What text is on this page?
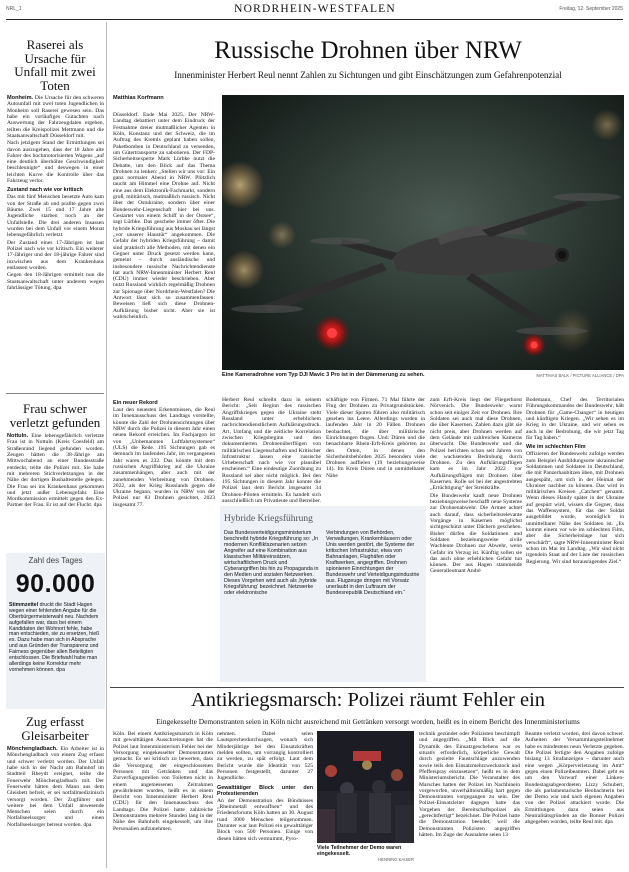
NRL_1	NORDRHEIN-WESTFALEN	Freitag, 12. September 2025
Raserei als Ursache für Unfall mit zwei Toten

Monheim. Die Ursache für den schweren Autounfall mit zwei toten Jugendlichen in Monheim soll Raserei gewesen sein. Das habe ein vorläufiges Gutachten nach Auswertung der Fahrzeugdaten ergeben, teilten die Kreispolizei Mettmann und die Staatsanwaltschaft Düsseldorf mit.

Nach jetzigem Stand der Ermittlungen sei davon auszugehen, dass der 18 Jahre alte Fahrer des hochmotorisierten Wagens „auf eine deutlich überhöhte Geschwindigkeit beschleunigte“ und deswegen in einer leichten Kurve die Kontrolle über das Fahrzeug verlor.

Zustand nach wie vor kritisch

Das mit fünf Menschen besetzte Auto kam von der Straße ab und prallte gegen zwei Bäume. Zwei 15 und 17 Jahre alte Jugendliche starben noch an der Unfallstelle. Die drei anderen Insassen wurden bei dem Unfall vor einem Monat lebensgefährlich verletzt.

Der Zustand eines 17-Jährigen ist laut Polizei nach wie vor kritisch. Ein weiterer 17-Jähriger und der 18-jährige Fahrer sind inzwischen aus dem Krankenhaus entlassen worden.

Gegen den 18-Jährigen ermittelt nun die Staatsanwaltschaft unter anderem wegen fahrlässiger Tötung. dpa

Frau schwer verletzt gefunden

Nottuln. Eine lebensgefährlich verletzte Frau ist in Nottuln (Kreis Coesfeld) am Straßenrand liegend gefunden worden. Zeugen hätten die 38-Jährige am Mittwochabend an einer Bundesstraße entdeckt, teilte die Polizei mit. Sie habe mit mehreren Stichverletzungen in der Nähe der dortigen Bushaltestelle gelegen. Die Frau sei ins Krankenhaus gekommen und jetzt außer Lebensgefahr. Eine Mordkommission ermittelt gegen den Ex-Partner der Frau. Er ist auf der Flucht. dpa

Zahl des Tages
90.000
Stimmzettel druckt die Stadt Hagen wegen einer fehlenden Angabe für die Oberbürgermeisterwahl neu. Nachdem aufgefallen war, dass bei einem Kandidaten der Wohnort fehle, habe man entschieden, sie zu ersetzen, hieß es. Dazu habe man sich in Absprache und aus Gründen der Transparenz und Fairness gegenüber allen Beteiligten entschlossen. Die Briefwahl habe man allerdings keine Korrektur mehr vornehmen können. dpa
Zug erfasst Gleisarbeiter

Mönchengladbach. Ein Arbeiter ist in Mönchengladbach von einem Zug erfasst und schwer verletzt worden. Der Unfall habe sich in der Nacht am Bahnhof im Stadtteil Rheydt ereignet, teilte die Feuerwehr Mönchengladbach mit. Der Feuerwehr hätten dem Mann aus dem Gleisbett befreit, er sei notfallmedizinisch versorgt worden. Der Zugführer und weitere bei dem Unfall anwesende Menschen seien durch ein Notfallseelsorger und einen Notfallseelsorger betreut worden. dpa

Russische Drohnen über NRW
Innenminister Herbert Reul nennt Zahlen zu Sichtungen und gibt Einschätzungen zum Gefahrenpotenzial
Matthias Korfmann

Düsseldorf. Ende Mai 2025. Der NRW-Landtag debattiert unter dem Eindruck der Festnahme dreier mutmaßlicher Agenten in Köln, Konstanz und der Schweiz, die im Auftrag des Kremls geplant haben sollen, Paketbomben in Deutschland zu versenden, um Gütertransporte zu sabotieren. Der FDP-Sicherheitsexperte Mark Lürbke nutzt die Debatte, um den Blick auf das Thema Drohnen zu lenken: „Stellen wir uns vor: Ein ganz normaler Abend in NRW. Plötzlich taucht am Himmel eine Drohne auf. Nicht eine aus dem Elektronik-Fachmarkt, sondern groß, militärisch, mutmaßlich russisch. Nicht über der Ostukraine, sondern über einer Bundeswehr-Liegenschaft hier bei uns. Gestartet von einem Schiff in der Ostsee“, sagt Lürbke. Das geschehe immer öfter. Die hybride Kriegsführung aus Moskau sei längst „vor unserer Haustür“ angekommen. Die Gefahr der hybriden Kriegsführung – damit sind praktisch alle Methoden, mit denen ein Gegner unter Druck gesetzt werden kann, gemeint – durch ausländische und insbesondere russische Nachrichtendienste hat auch NRW-Innenminister Herbert Reul (CDU) immer wieder beschrieben. Aber nutzt Russland wirklich regelmäßig Drohnen zur Spionage über Nordrhein-Westfalen? Die Antwort lässt sich so zusammenfassen: Beweisen ließ sich diese Drohnen-Aufklärung bisher nicht. Aber sie ist wahrscheinlich.

Eine Kameradrohne vom Typ DJI Mavic 3 Pro ist in der Dämmerung zu sehen.	MATTHIAS BALK / PICTURE ALLIANCE / DPA
Ein neuer Rekord

Laut den neuesten Erkenntnissen, die Reul im Innenausschuss des Landtags vorstellte, könnte die Zahl der Drohnensichtungen über NRW durch die Polizei in diesem Jahr einen neuen Rekord erreichen. Im Fachjargon ist von „Unbemannten Luftfahrtsystemen“ (ULS) die Rede. 195 Sichtungen gab es demnach im laufenden Jahr, im vergangenen Jahr waren es 232. Das könnte mit dem russischen Angriffskrieg auf die Ukraine zusammenhängen, aber auch mit der zunehmenden Verbreitung von Drohnen. 2022, als der Krieg Russlands gegen die Ukraine begann, wurden in NRW von der Polizei nur 83 Drohnen gesichtet, 2023 insgesamt 77.

Herbert Reul schreibt dazu in seinem Bericht: „Seit Beginn des russischen Angriffskrieges gegen die Ukraine steht Russland unter erheblichem nachrichtendienstlichem Aufklärungsdruck. Art, Umfang und die zeitliche Korrelation zwischen Kriegsbeginn und den dokumentierten Drohnenüberflügen von militärischen Liegenschaften und Kritischer Infrastruktur lassen eine russische Urheberschaft nach wie vor plausibel erscheinen.“ Eine eindeutige Zuordnung zu Russland sei aber nicht möglich. Bei den 195 Sichtungen in diesem Jahr konnte die Polizei laut dem Bericht insgesamt 34 Drohnen-Piloten ermitteln. Es handelt sich ausschließlich um Privatleute und Betreiber.

schäftigte von Firmen. 71 Mal führte der Flug der Drohnen zu Privatgrundstücken. Viele dieser Spuren führen also militärisch gesehen ins Leere. Allerdings wurden in laufenden Jahr in 20 Fällen Drohnen beobachtet, die über militärische Einrichtungen flogen. Und: Düren und die benachbarte Rhein-Erft-Kreis gehörten zu den Orten, in denen den Sicherheitsbehörden 2025 besonders viele Drohnen auffielen (19 beziehungsweise 14). Im Kreis Düren und in unmittelbarer Nähe

zum Erft-Kreis liegt der Fliegerhorst Nörvenich. Die Bundeswehr warnt schon seit einiger Zeit vor Drohnen. Ihre Soldaten sei auch mal diese Drohnen, die über Kasernen. Zahlen dazu gibt sie nicht preis, aber Drohnen werden auf dem Gelände mit zahlreichen Kameras überwacht. Die Bundeswehr und die Polizei berichten schon seit Jahren von der wachsenden Bedrohung durch Drohnen. Zu den Aufklärungsflügen kam es im Jahr 2022 vor Aufklärungsflügen mit Drohnen über Kasernen. Rolle sei bei der angestrebten „Ertüchtigung“ der Streitkräfte.

Die Bundeswehr kauft neue Drohnen beziehungsweise beschafft neue Systeme zur Drohnenabwehr. Die Armee achtet auch darauf, dass sicherheitsrelevante Vorgänge in Kasernen möglichst sichtgeschützt unter Dächern geschehen. Bisher dürfen die Soldatinnen und Soldaten beziehungsweise zivile Wachleute Drohnen zur Abwehr, wenn Gefahr im Verzug ist. Künftig sollen sie das auch ohne erheblichen Gefahr tun können. Der aus Hagen stammende Generalleutnant André

Bodemann, Chef des Territorialen Führungskommandos der Bundeswehr, hält Drohnen für „Game-Changer“ in heutigen und künftigen Kriegen. „Wir sehen es im Krieg in der Ukraine, und wir sehen es auch in der Bedrohung, die wir jetzt Tag für Tag haben.“

Wie im schlechten Film

Offizieren der Bundeswehr zufolge werden zum Beispiel Ausbildungsorte ukrainischer Soldatinnen und Soldaten in Deutschland, die mit Panzerhaubitzen üben, mit Drohnen ausgespäht, um sich in der Heimat der Ukrainer nachher zu können. Das wird in militärischen Kreisen „Catchen“ genannt. Wenn dieses Handy später in der Ukraine auf gespürt wird, wissen die Gegner, dass das Waffensystem, für das der Soldat ausgebildet wurde, womöglich in unmittelbarer Nähe des Soldaten ist. „Es kommt einem vor wie im schlechten Film, aber die Sicherheitslage hat sich verschärft“, sagte NRW-Innenminister Reul schon im Mai im Landtag. „Wir sind nicht irgendein Staat auf der Liste der russischen Regierung. Wir sind herausragendes Ziel.“

Hybride Kriegsführung

Das Bundesverteidigungsministerium beschreibt hybride Kriegsführung so: „In modernen Konfliktszenarien setzen Angreifer auf eine Kombination aus klassischen Militäreinsätzen, wirtschaftlichem Druck und Cyberangriffen bis hin zu Propaganda in den Medien und sozialen Netzwerken. Dieses Vorgehen wird auch als ‚hybride Kriegsführung‘ bezeichnet. Netzwerke oder elektronische

Verbindungen von Behörden, Verwaltungen, Krankenhäusern oder Unis werden gestört, die Systeme der kritischen Infrastruktur, etwa von Bahnanlagen, Flughäfen oder Kraftwerken, angegriffen. Drohnen spionieren Einrichtungen der Bundeswehr und Verteidigungsindustrie aus. Flugzeuge dringen mit Vorsatz unerlaubt in den Luftraum der Bundesrepublik Deutschland ein.“

Antikriegsmarsch: Polizei räumt Fehler ein
Eingekesselte Demonstranten seien in Köln nicht ausreichend mit Getränken versorgt worden, heißt es in einem Bericht des Innenministeriums

Köln. Bei einem Antikriegsmarsch in Köln mit gewalttätigen Ausschreitungen hat die Polizei laut Innenministerium Fehler bei der Versorgung eingekesselter Demonstranten gemacht. Es sei kritisch zu bewerten, dass die Versorgung der eingeschlossenen Personen mit Getränken und das Zurverfügungstellen von Toiletten nicht in einem angemessenen Zeitrahmen gewährleistet wurden, heißt es in einem Bericht von Innenminister Herbert Reul (CDU) für den Innenausschuss des Landtags. Die Polizei hatte zahlreiche Demonstranten mehrere Stunden lang in der Nähe des Bahnhofs eingekesselt, um ihre Personalien aufzunehmen.

nehmen. Dabei seien Lautsprecherdurchsagen, wonach sich Minderjährige bei den Einsatzkräften melden sollten, um vorrangig kontrolliert zu werden, zu spät erfolgt. Laut dem Bericht wurde die Identität von 525 Personen festgestellt, darunter 27 Jugendliche.

Gewalttätiger Block unter den Protestierenden

An der Demonstration des Bündnisses „Rheinmetall entwaffnen“ und des Friedensforums Köln hatten an 30. August rund 3000 Menschen teilgenommen. Darunter war laut Polizei ein gewalttätiger Block von 500 Personen. Einige von diesen hätten sich vermummt, Pyro-

Viele Teilnehmer der Demo waren eingekesselt.
HENNING KAISER

technik gezündet oder Polizisten beschimpft und angegriffen. „Mit Blick auf die Dynamik des Einsatzgeschehens war es situativ erforderlich, körperliche Gewalt durch gezielte Faustschläge anzuwenden sowie teils den Einsatzmehrzweckstock und Pfefferspray einzusetzen“, heißt es in dem Ministeriumsbericht. Die Veranstalter des Marsches hatten der Polizei im Nachhinein vorgeworfen, unverhältnismäßig hart gegen Demonstranten vorgegangen zu sein. Der Polizei-Einsatzleiter dagegen hatte das Vorgehen der Bereitschaftspolizei als „gerechtfertigt“ bezeichnet. Die Polizei hatte die Demonstration beendet, weil die Demonstranten Polizisten angegriffen hätten. Im Zuge der Ausnahme seien 13

Beamte verletzt worden, drei davon schwer. Aufseiten der Versammlungsteilnehmer habe es mindestens neun Verletzte gegeben. Die Polizei fertigte den Angaben zufolge bislang 13 Strafanzeigen – darunter auch eine wegen „Körperverletzung im Amt“ gegen einen Polizeibeamten. Dabei geht es um den Vorwurf einer Linken-Bundestagsabgeordneten Lizzy Schubert, die als parlamentarische Beobachterin bei der Demo war und nach eigenen Angaben von der Polizei attackiert wurde. Die Ermittlungen dazu seien aus Neutralitätsgründen an die Bonner Polizei abgegeben worden, teilte Reul mit. dpa
